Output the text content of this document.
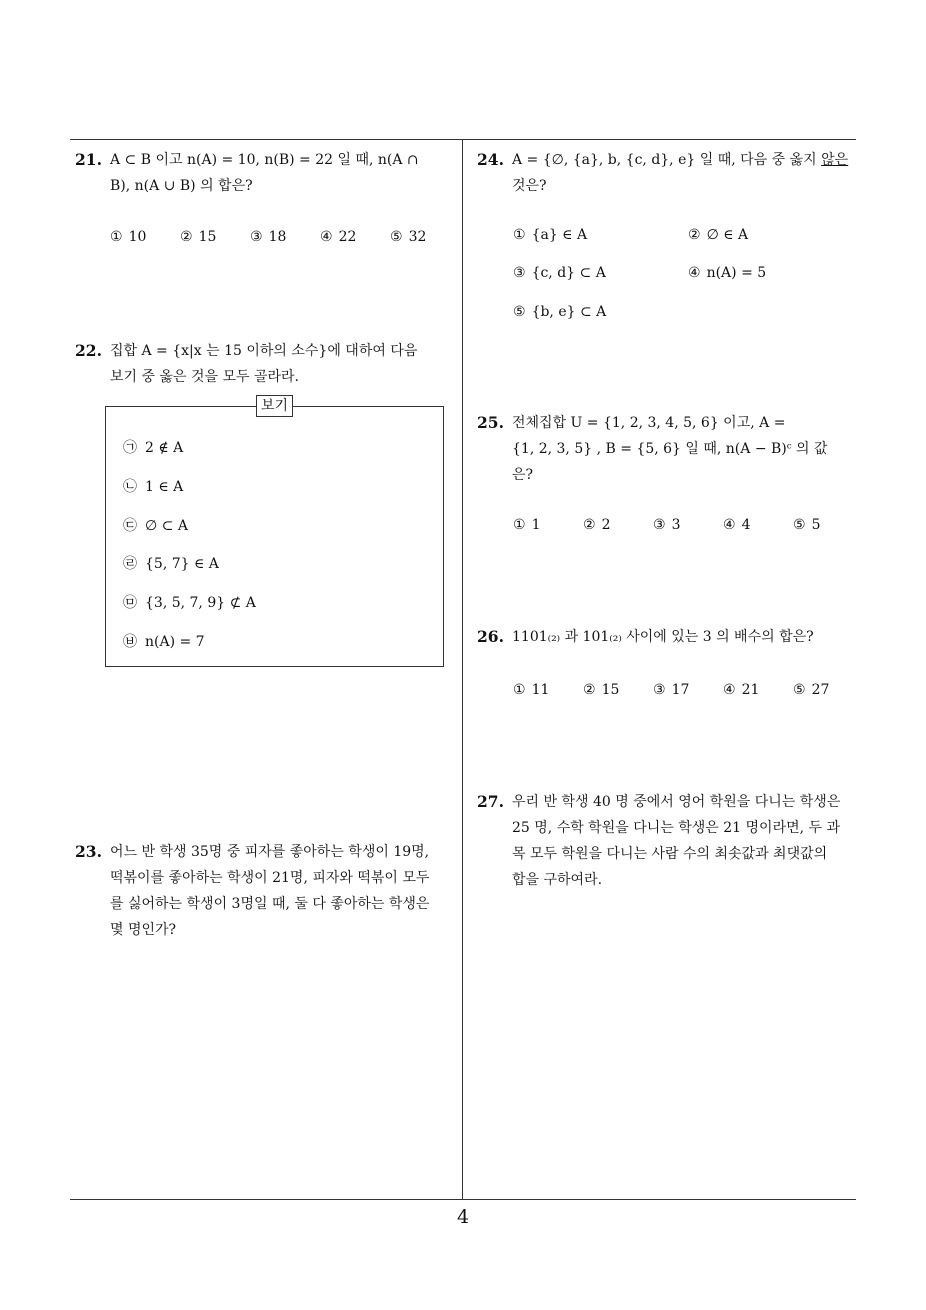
21. A ⊂ B 이고 n(A) = 10, n(B) = 22 일 때, n(A ∩
B), n(A ∪ B) 의 합은?
① 10 ② 15 ③ 18 ④ 22 ⑤ 32
22. 집합 A = {x|x 는 15 이하의 소수}에 대하여 다음
보기 중 옳은 것을 모두 골라라.
보기
㉠ 2 ∉ A
㉡ 1 ∈ A
㉢ ∅ ⊂ A
㉣ {5, 7} ∈ A
㉤ {3, 5, 7, 9} ⊄ A
㉥ n(A) = 7
23. 어느 반 학생 35명 중 피자를 좋아하는 학생이 19명,
떡볶이를 좋아하는 학생이 21명, 피자와 떡볶이 모두
를 싫어하는 학생이 3명일 때, 둘 다 좋아하는 학생은
몇 명인가?
24. A = {∅, {a}, b, {c, d}, e} 일 때, 다음 중 옳지 않은
것은?
① {a} ∈ A	② ∅ ∈ A
③ {c, d} ⊂ A	④ n(A) = 5
⑤ {b, e} ⊂ A
25. 전체집합 U = {1, 2, 3, 4, 5, 6} 이고, A =
{1, 2, 3, 5} , B = {5, 6} 일 때, n(A − B)ᶜ 의 값
은?
① 1	② 2	③ 3	④ 4	⑤ 5
26. 1101₍₂₎ 과 101₍₂₎ 사이에 있는 3 의 배수의 합은?
① 11 ② 15 ③ 17 ④ 21 ⑤ 27
27. 우리 반 학생 40 명 중에서 영어 학원을 다니는 학생은
25 명, 수학 학원을 다니는 학생은 21 명이라면, 두 과
목 모두 학원을 다니는 사람 수의 최솟값과 최댓값의
합을 구하여라.
4
